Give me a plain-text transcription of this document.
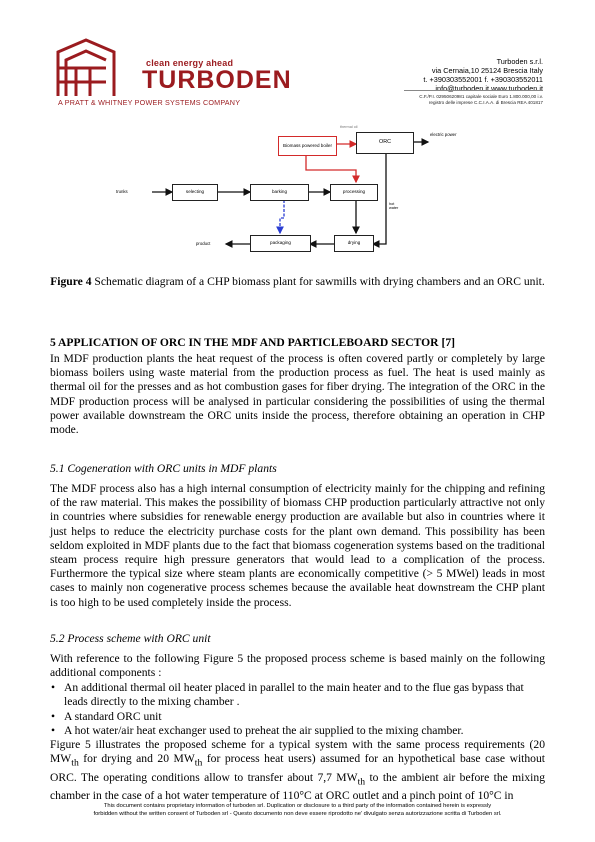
clean energy ahead
TURBODEN
A PRATT & WHITNEY POWER SYSTEMS COMPANY
Turboden s.r.l.
via Cernaia,10 25124 Brescia Italy
t. +390303552001 f. +390303552011
info@turboden.it www.turboden.it
C.F./P.I. 02950620981 capitale sociale Euro 1.800.000,00 i.v.
registro delle imprese C.C.I.A.A. di Brescia REA 401817
Biomass powered boiler	ORC
selecting	barking	processing
packaging	drying
trunks
product
thermal oil
electric power
hot water
Figure 4 Schematic diagram of a CHP biomass plant for sawmills with drying chambers and an ORC unit.
5 APPLICATION OF ORC IN THE MDF AND PARTICLEBOARD SECTOR [7]
In MDF production plants the heat request of the process is often covered partly or completely by large biomass boilers using waste material from the production process as fuel. The heat is used mainly as thermal oil for the presses and as hot combustion gases for fiber drying. The integration of the ORC in the MDF production process will be analysed in particular considering the possibilities of using the thermal power available downstream the ORC units inside the process, therefore obtaining an operation in CHP mode.
5.1 Cogeneration with ORC units in MDF plants
The MDF process also has a high internal consumption of electricity mainly for the chipping and refining of the raw material. This makes the possibility of biomass CHP production particularly attractive not only in countries where subsidies for renewable energy production are available but also in countries where it just helps to reduce the electricity purchase costs for the plant own demand. This possibility has been seldom exploited in MDF plants due to the fact that biomass cogeneration systems based on the traditional steam process require high pressure generators that would lead to a complication of the process. Furthermore the typical size where steam plants are economically competitive (> 5 MWel) leads in most cases to mainly non cogenerative process schemes because the available heat downstream the CHP plant is too high to be used completely inside the process.
5.2 Process scheme with ORC unit
With reference to the following Figure 5 the proposed process scheme is based mainly on the following additional components :
• An additional thermal oil heater placed in parallel to the main heater and to the flue gas bypass that leads directly to the mixing chamber .
• A standard ORC unit
• A hot water/air heat exchanger used to preheat the air supplied to the mixing chamber.
Figure 5 illustrates the proposed scheme for a typical system with the same process requirements (20 $MW_{th}$ for drying and 20 $MW_{th}$ for process heat users) assumed for an hypothetical base case without ORC. The operating conditions allow to transfer about 7,7 $MW_{th}$ to the ambient air before the mixing chamber in the case of a hot water temperature of 110°C at ORC outlet and a pinch point of 10°C in
This document contains proprietary information of turboden srl. Duplication or disclosure to a third party of the information contained herein is expressly
forbidden without the written consent of Turboden srl - Questo documento non deve essere riprodotto ne' divulgato senza autorizzazione scritta di Turboden srl.
